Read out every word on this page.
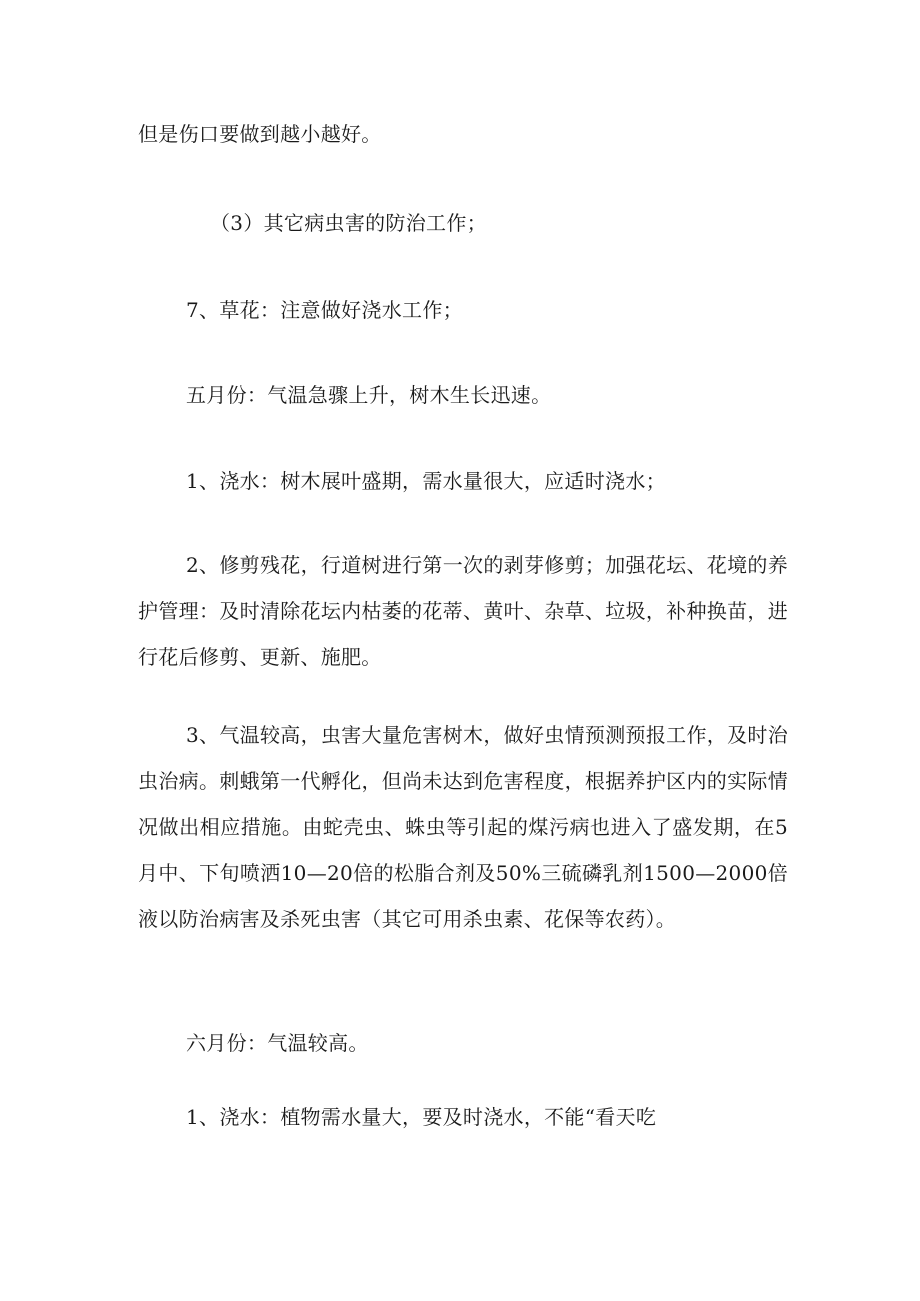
但是伤口要做到越小越好。
（3）其它病虫害的防治工作；
7、草花：注意做好浇水工作；
五月份：气温急骤上升，树木生长迅速。
1、浇水：树木展叶盛期，需水量很大，应适时浇水；
2、修剪残花，行道树进行第一次的剥芽修剪；加强花坛、花境的养护管理：及时清除花坛内枯萎的花蒂、黄叶、杂草、垃圾，补种换苗，进行花后修剪、更新、施肥。
3、气温较高，虫害大量危害树木，做好虫情预测预报工作，及时治虫治病。刺蛾第一代孵化，但尚未达到危害程度，根据养护区内的实际情况做出相应措施。由蛇壳虫、蛛虫等引起的煤污病也进入了盛发期，在5月中、下旬喷洒10—20倍的松脂合剂及50%三硫磷乳剂1500—2000倍液以防治病害及杀死虫害（其它可用杀虫素、花保等农药）。
六月份：气温较高。
1、浇水：植物需水量大，要及时浇水，不能“看天吃
